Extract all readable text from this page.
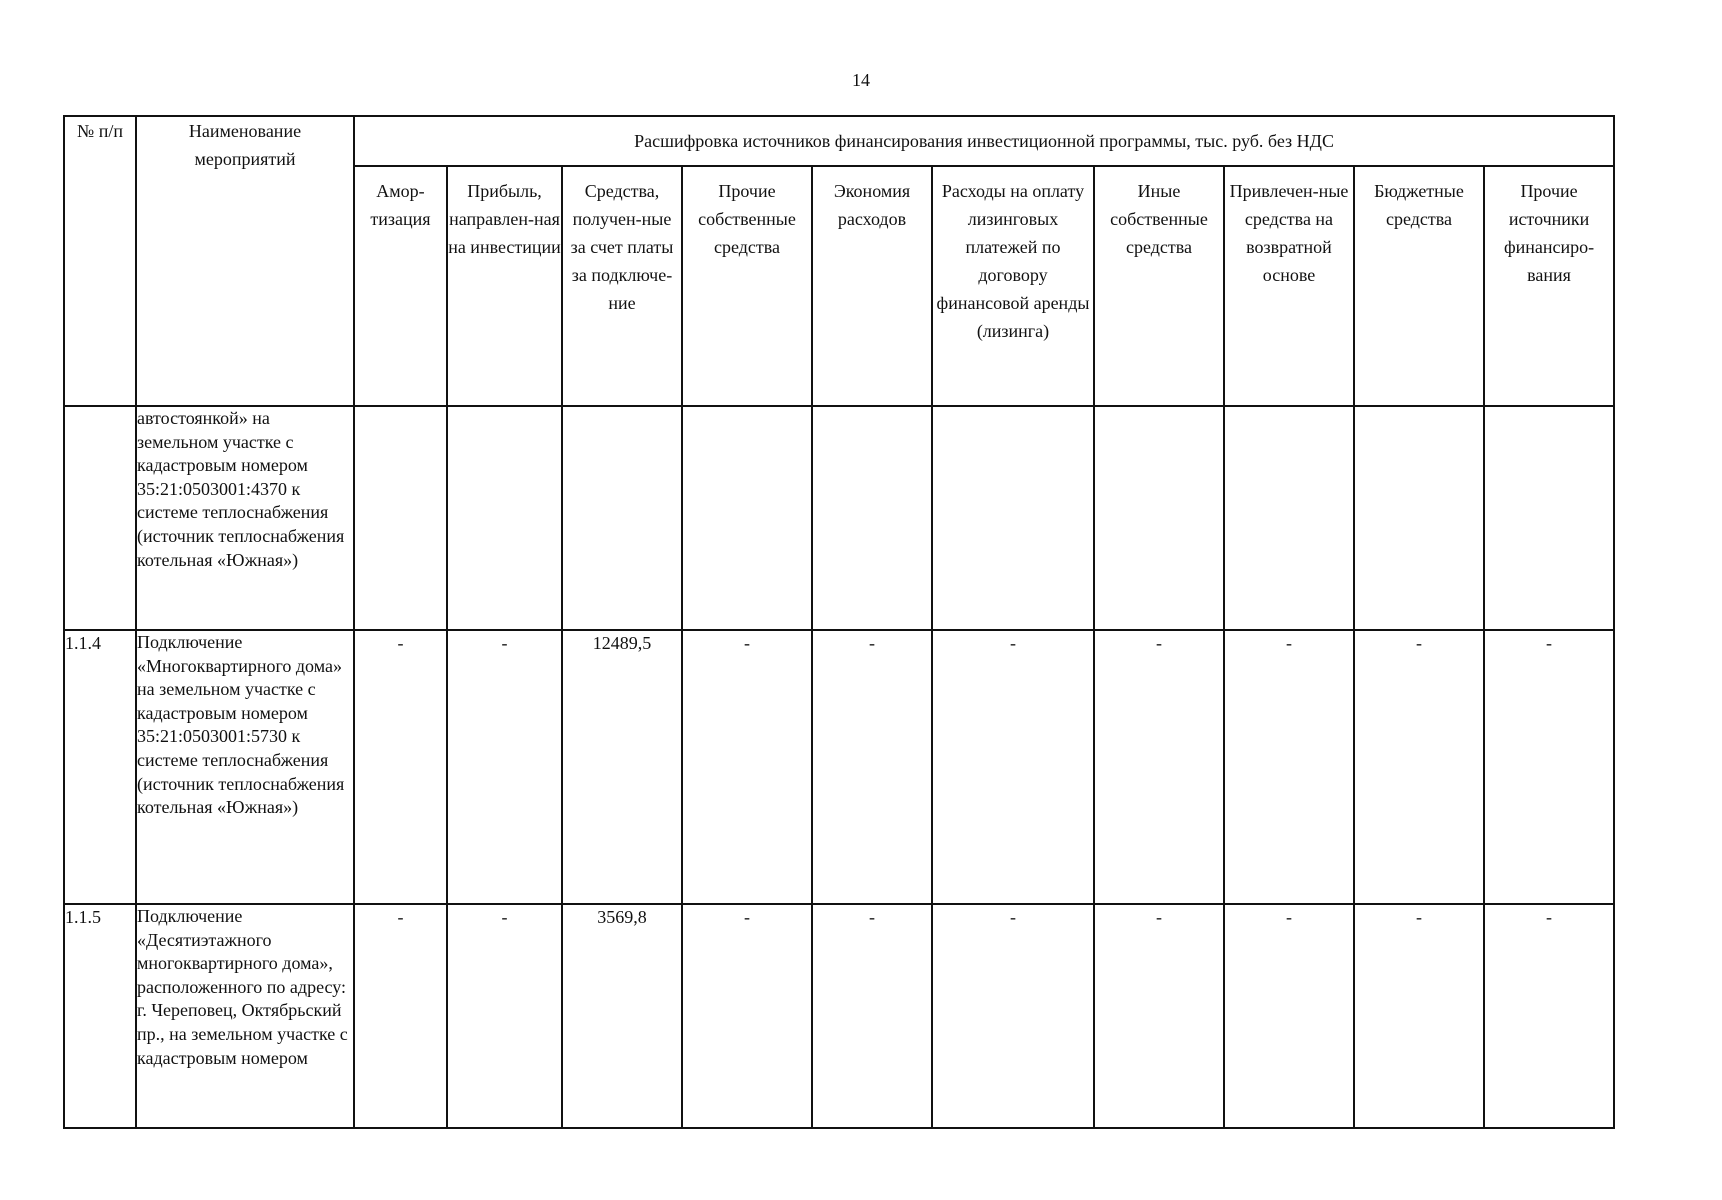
14
№ п/п	Наименование мероприятий	Расшифровка источников финансирования инвестиционной программы, тыс. руб. без НДС									
		Амор-тизация	Прибыль, направлен-ная на инвестиции	Средства, получен-ные за счет платы за подключе-ние	Прочие собственные средства	Экономия расходов	Расходы на оплату лизинговых платежей по договору финансовой аренды (лизинга)	Иные собственные средства	Привлечен-ные средства на возвратной основе	Бюджетные средства	Прочие источники финансиро-вания
	автостоянкой» на земельном участке с кадастровым номером 35:21:0503001:4370 к системе теплоснабжения (источник теплоснабжения котельная «Южная»)										
1.1.4	Подключение «Многоквартирного дома» на земельном участке с кадастровым номером 35:21:0503001:5730 к системе теплоснабжения (источник теплоснабжения котельная «Южная»)	-	-	12489,5	-	-	-	-	-	-	-
1.1.5	Подключение «Десятиэтажного многоквартирного дома», расположенного по адресу: г. Череповец, Октябрьский пр., на земельном участке с кадастровым номером	-	-	3569,8	-	-	-	-	-	-	-
